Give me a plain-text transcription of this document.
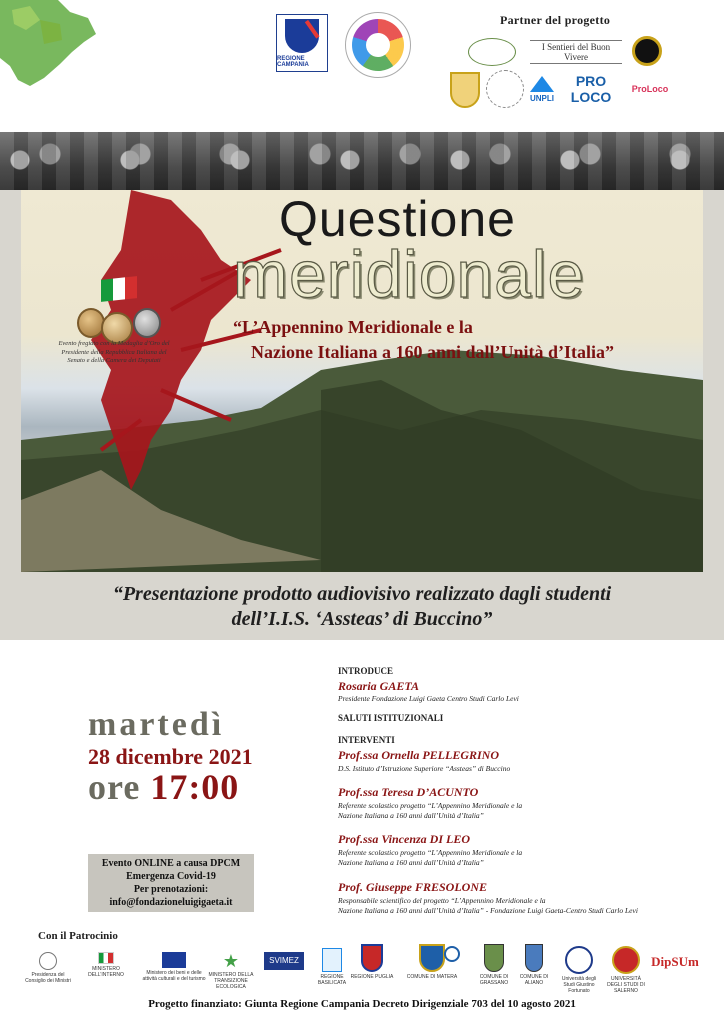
REGIONE CAMPANIA
Partner del progetto
I Sentieri del Buon Vivere
UNPLI
PRO LOCO	ProLoco
Questione
meridionale
“L’Appennino Meridionale e la
Nazione Italiana a 160 anni dall’Unità d’Italia”
Evento fregiato con la Medaglia d’Oro del Presidente della Repubblica Italiana del Senato e della Camera dei Deputati
“Presentazione prodotto audiovisivo realizzato dagli studenti
dell’I.I.S. ‘Assteas’ di Buccino”
martedì
28 dicembre 2021
ore 17:00
Evento ONLINE a causa DPCM
Emergenza Covid-19
Per prenotazioni:
info@fondazioneluigigaeta.it
INTRODUCE
Rosaria GAETA
Presidente Fondazione Luigi Gaeta Centro Studi Carlo Levi
SALUTI ISTITUZIONALI
INTERVENTI
Prof.ssa Ornella PELLEGRINO
D.S. Istituto d’Istruzione Superiore “Assteas” di Buccino
Prof.ssa Teresa D’ACUNTO
Referente scolastico progetto “L’Appennino Meridionale e la
Nazione Italiana a 160 anni dall’Unità d’Italia”
Prof.ssa Vincenza DI LEO
Referente scolastico progetto “L’Appennino Meridionale e la
Nazione Italiana a 160 anni dall’Unità d’Italia”
Prof. Giuseppe FRESOLONE
Responsabile scientifico del progetto “L’Appennino Meridionale e la
Nazione Italiana a 160 anni dall’Unità d’Italia” - Fondazione Luigi Gaeta-Centro Studi Carlo Levi
Con il Patrocinio
Presidenza del Consiglio dei Ministri
MINISTERO DELL’INTERNO	Ministero dei beni e delle attività culturali e del turismo
★
MINISTERO DELLA TRANSIZIONE ECOLOGICA
SVIMEZ
REGIONE BASILICATA
REGIONE PUGLIA	COMUNE DI MATERA	COMUNE DI GRASSANO
COMUNE DI ALIANO
Università degli Studi Giustino Fortunato
UNIVERSITÀ DEGLI STUDI DI SALERNO
DipSUm
Progetto finanziato: Giunta Regione Campania Decreto Dirigenziale 703 del 10 agosto 2021
